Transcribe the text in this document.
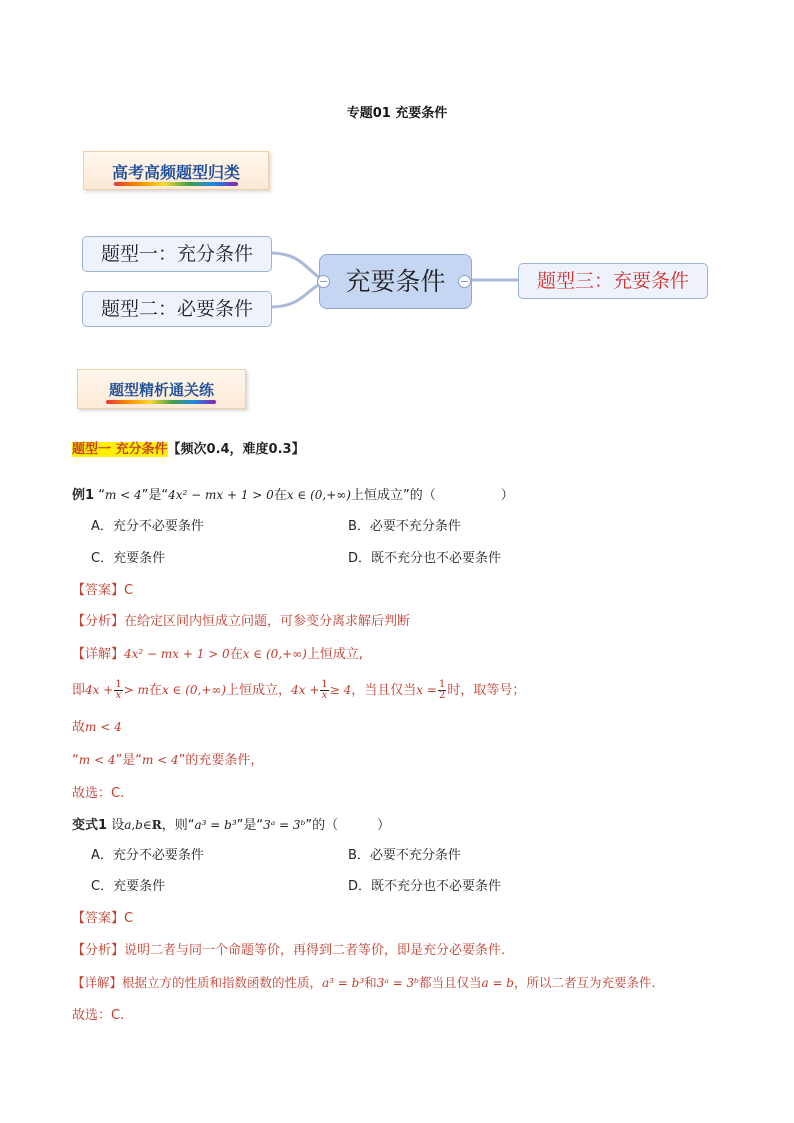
专题01 充要条件
高考高频题型归类
题型一：充分条件
题型二：必要条件
充要条件	题型三：充要条件
题型精析通关练
题型一 充分条件【频次0.4，难度0.3】
例1 “m < 4”是“4x² − mx + 1 > 0在x ∈ (0,+∞)上恒成立”的（　　　　　）
A．充分不必要条件	B．必要不充分条件
C．充要条件	D．既不充分也不必要条件
【答案】C
【分析】在给定区间内恒成立问题，可参变分离求解后判断
【详解】4x² − mx + 1 > 0在x ∈ (0,+∞)上恒成立,
即$4x + \frac{1}{x} > m$在x ∈ (0,+∞)上恒成立，$4x + \frac{1}{x} \ge 4$，当且仅当$x = \frac{1}{2}$ 时，取等号；
故m < 4
“m < 4”是“m < 4”的充要条件，
故选：C.
变式1 设a,b∈R，则“a³ = b³”是“3ᵃ = 3ᵇ”的（　　　）
A．充分不必要条件	B．必要不充分条件
C．充要条件	D．既不充分也不必要条件
【答案】C
【分析】说明二者与同一个命题等价，再得到二者等价，即是充分必要条件.
【详解】根据立方的性质和指数函数的性质，a³ = b³和3ᵃ = 3ᵇ都当且仅当a = b，所以二者互为充要条件.
故选：C.
